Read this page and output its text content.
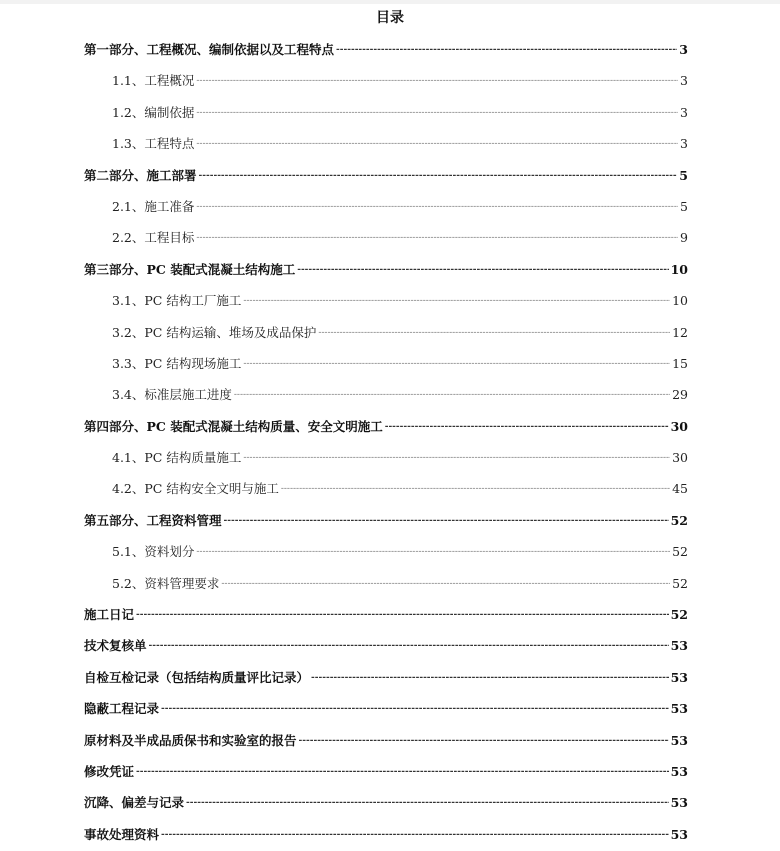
目录
第一部分、工程概况、编制依据以及工程特点 -----	3
1.1、工程概况 -----	3
1.2、编制依据 -----	3
1.3、工程特点 -----	3
第二部分、施工部署 -----	5
2.1、施工准备 -----	5
2.2、工程目标 -----	9
第三部分、PC 装配式混凝土结构施工 -----	10
3.1、PC 结构工厂施工 -----	10
3.2、PC 结构运输、堆场及成品保护 -----	12
3.3、PC 结构现场施工 -----	15
3.4、标准层施工进度 -----	29
第四部分、PC 装配式混凝土结构质量、安全文明施工 -----	30
4.1、PC 结构质量施工 -----	30
4.2、PC 结构安全文明与施工 -----	45
第五部分、工程资料管理 -----	52
5.1、资料划分 -----	52
5.2、资料管理要求 -----	52
施工日记 -----	52
技术复核单 -----	53
自检互检记录（包括结构质量评比记录） -----	53
隐蔽工程记录 -----	53
原材料及半成品质保书和实验室的报告 -----	53
修改凭证 -----	53
沉降、偏差与记录 -----	53
事故处理资料 -----	53
